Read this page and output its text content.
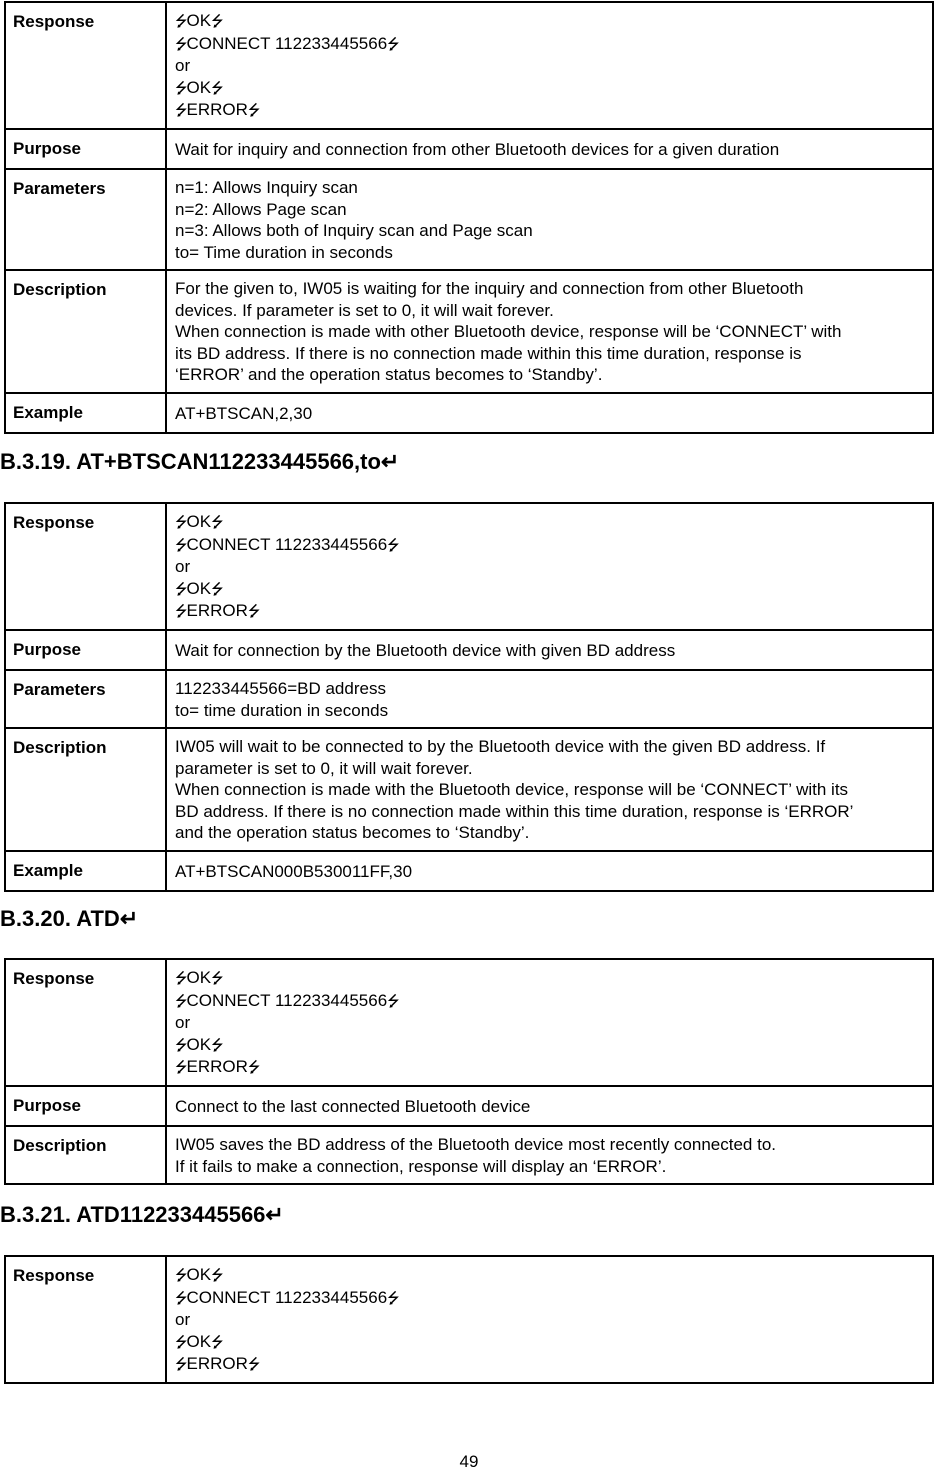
Response	⭍OK⭍
⭍CONNECT 112233445566⭍
or
⭍OK⭍
⭍ERROR⭍

Purpose	Wait for inquiry and connection from other Bluetooth devices for a given duration
Parameters	n=1: Allows Inquiry scan
n=2: Allows Page scan
n=3: Allows both of Inquiry scan and Page scan
to= Time duration in seconds

Description	For the given to, IW05 is waiting for the inquiry and connection from other Bluetooth
devices. If parameter is set to 0, it will wait forever.
When connection is made with other Bluetooth device, response will be ‘CONNECT’ with
its BD address. If there is no connection made within this time duration, response is
‘ERROR’ and the operation status becomes to ‘Standby’.

Example	AT+BTSCAN,2,30
B.3.19. AT+BTSCAN112233445566,to↵
Response	⭍OK⭍
⭍CONNECT 112233445566⭍
or
⭍OK⭍
⭍ERROR⭍

Purpose	Wait for connection by the Bluetooth device with given BD address
Parameters	112233445566=BD address
to= time duration in seconds

Description	IW05 will wait to be connected to by the Bluetooth device with the given BD address. If
parameter is set to 0, it will wait forever.
When connection is made with the Bluetooth device, response will be ‘CONNECT’ with its
BD address. If there is no connection made within this time duration, response is ‘ERROR’
and the operation status becomes to ‘Standby’.

Example	AT+BTSCAN000B530011FF,30
B.3.20. ATD↵
Response	⭍OK⭍
⭍CONNECT 112233445566⭍
or
⭍OK⭍
⭍ERROR⭍

Purpose	Connect to the last connected Bluetooth device
Description	IW05 saves the BD address of the Bluetooth device most recently connected to.
If it fails to make a connection, response will display an ‘ERROR’.
B.3.21. ATD112233445566↵
Response	⭍OK⭍
⭍CONNECT 112233445566⭍
or
⭍OK⭍
⭍ERROR⭍
49
